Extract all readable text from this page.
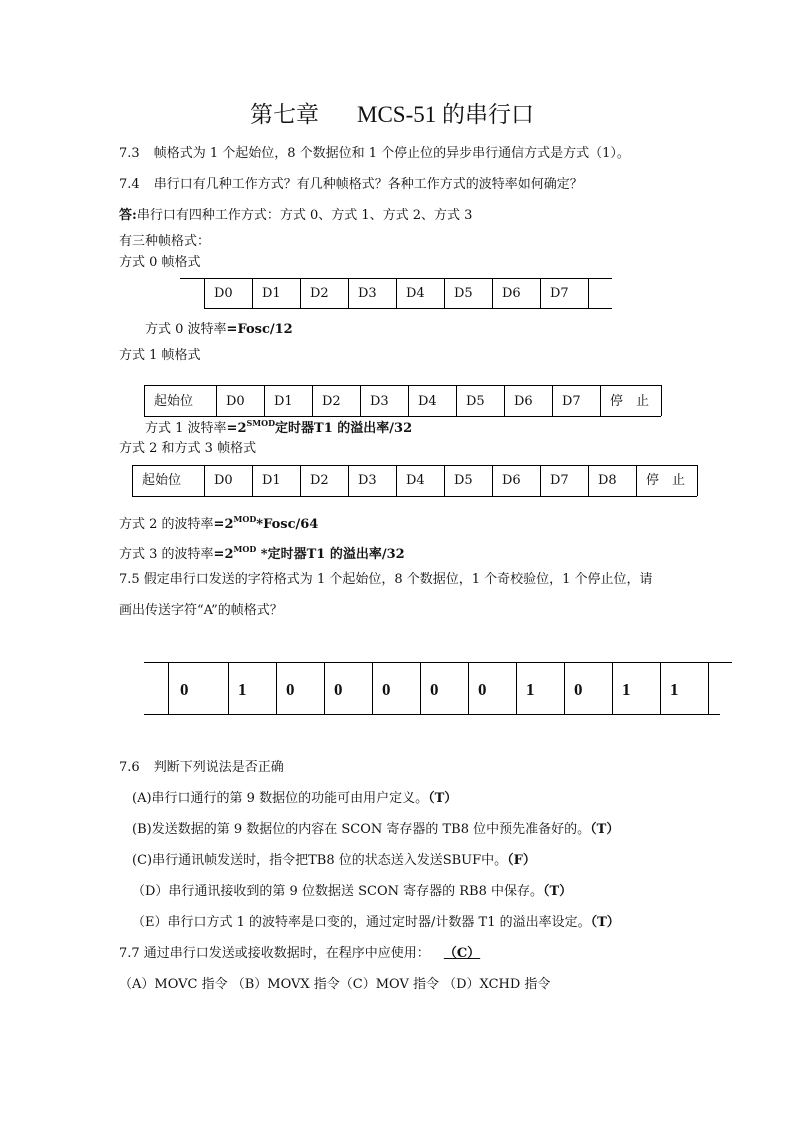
第七章 MCS-51 的串行口
7.3 帧格式为 1 个起始位，8 个数据位和 1 个停止位的异步串行通信方式是方式（1）。
7.4 串行口有几种工作方式？有几种帧格式？各种工作方式的波特率如何确定？
答:串行口有四种工作方式：方式 0、方式 1、方式 2、方式 3
有三种帧格式：
方式 0 帧格式
D0 D1 D2 D3 D4 D5 D6 D7
方式 0 波特率=Fosc/12
方式 1 帧格式
起始位	D0 D1 D2 D3 D4 D5 D6 D7 停　止
方式 1 波特率$=2^{SMOD}$定时器T1 的溢出率/32
方式 2 和方式 3 帧格式
起始位	D0 D1 D2 D3 D4 D5 D6 D7 D8 停　止
方式 2 的波特率$=2^{MOD}*Fosc/64$
方式 3 的波特率$=2^{MOD}$ *定时器T1 的溢出率/32
7.5 假定串行口发送的字符格式为 1 个起始位，8 个数据位，1 个奇校验位，1 个停止位，请
画出传送字符“A”的帧格式？
0	1 0 0 0 0 0 1 0 1 1
7.6 判断下列说法是否正确
(A)串行口通行的第 9 数据位的功能可由用户定义。（T）
(B)发送数据的第 9 数据位的内容在 SCON 寄存器的 TB8 位中预先准备好的。（T）
(C)串行通讯帧发送时，指令把TB8 位的状态送入发送SBUF中。（F）
（D）串行通讯接收到的第 9 位数据送 SCON 寄存器的 RB8 中保存。（T）
（E）串行口方式 1 的波特率是口变的，通过定时器/计数器 T1 的溢出率设定。（T）
7.7 通过串行口发送或接收数据时，在程序中应使用： （C）
（A）MOVC 指令 （B）MOVX 指令（C）MOV 指令 （D）XCHD 指令
